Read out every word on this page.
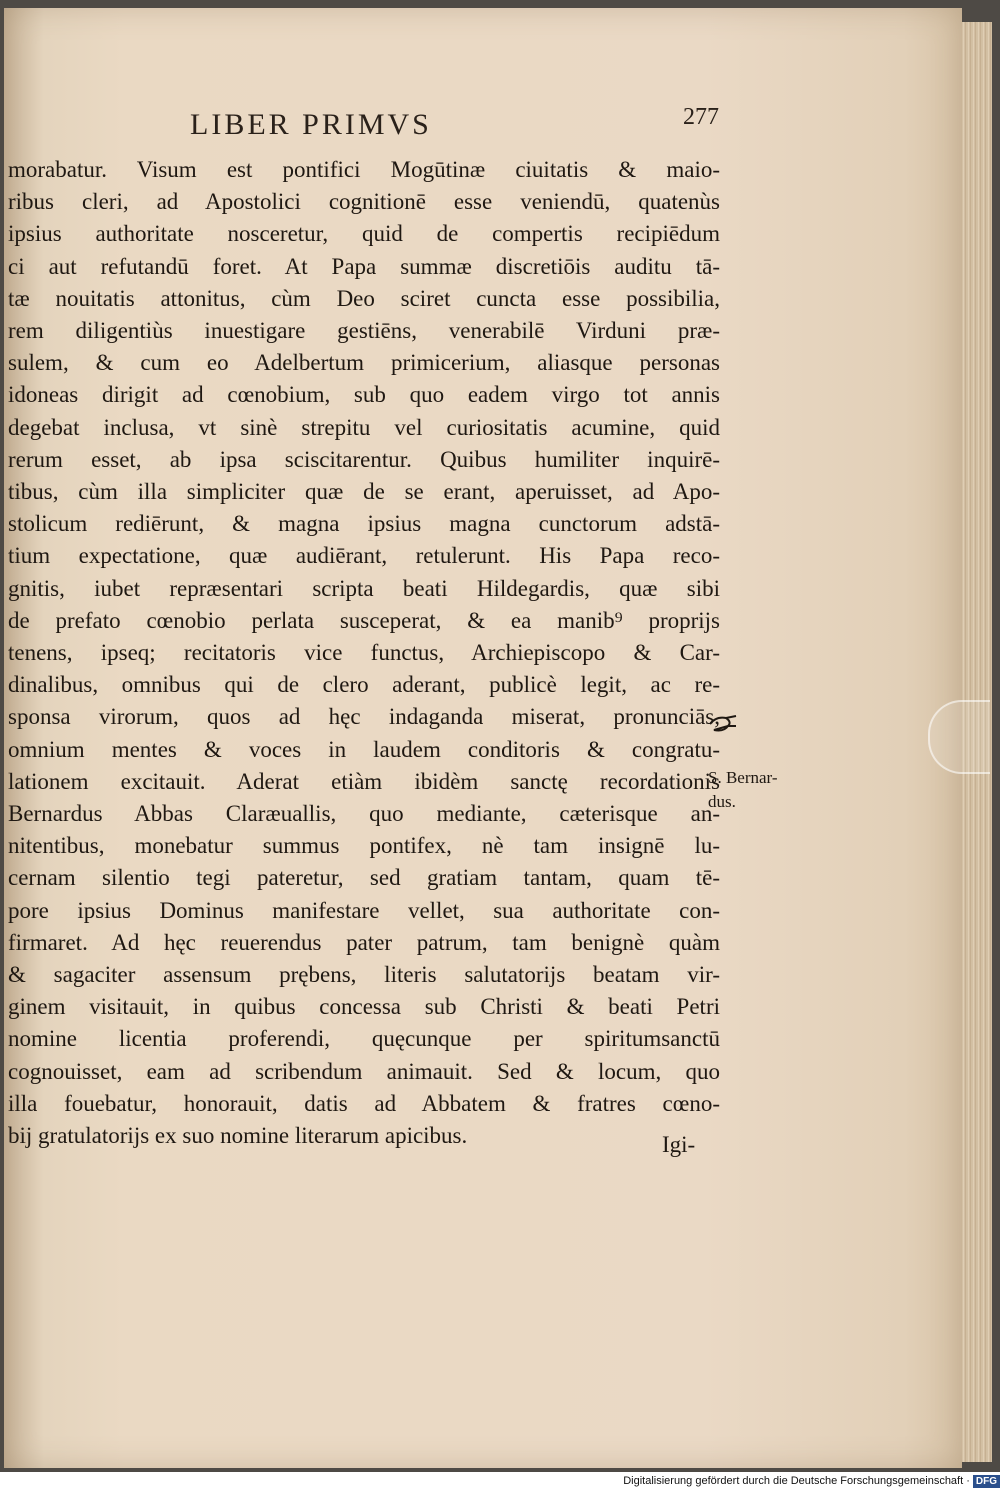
LIBER PRIMVS	277
morabatur. Visum est pontifici Mogūtinæ ciuitatis & maio-
ribus cleri, ad Apostolici cognitionē esse veniendū, quatenùs
ipsius authoritate nosceretur, quid de compertis recipiēdum
ci aut refutandū foret. At Papa summæ discretiōis auditu tā-
tæ nouitatis attonitus, cùm Deo sciret cuncta esse possibilia,
rem diligentiùs inuestigare gestiēns, venerabilē Virduni præ-
sulem, & cum eo Adelbertum primicerium, aliasque personas
idoneas dirigit ad cœnobium, sub quo eadem virgo tot annis
degebat inclusa, vt sinè strepitu vel curiositatis acumine, quid
rerum esset, ab ipsa sciscitarentur. Quibus humiliter inquirē-
tibus, cùm illa simpliciter quæ de se erant, aperuisset, ad Apo-
stolicum rediērunt, & magna ipsius magna cunctorum adstā-
tium expectatione, quæ audiērant, retulerunt. His Papa reco-
gnitis, iubet repræsentari scripta beati Hildegardis, quæ sibi
de prefato cœnobio perlata susceperat, & ea manib⁹ proprijs
tenens, ipseq; recitatoris vice functus, Archiepiscopo & Car-
dinalibus, omnibus qui de clero aderant, publicè legit, ac re-
sponsa virorum, quos ad hęc indaganda miserat, pronunciās,
omnium mentes & voces in laudem conditoris & congratu-
lationem excitauit. Aderat etiàm ibidèm sanctę recordationis
Bernardus Abbas Claræuallis, quo mediante, cæterisque an-
nitentibus, monebatur summus pontifex, nè tam insignē lu-
cernam silentio tegi pateretur, sed gratiam tantam, quam tē-
pore ipsius Dominus manifestare vellet, sua authoritate con-
firmaret. Ad hęc reuerendus pater patrum, tam benignè quàm
& sagaciter assensum prębens, literis salutatorijs beatam vir-
ginem visitauit, in quibus concessa sub Christi & beati Petri
nomine licentia proferendi, quęcunque per spiritumsanctū
cognouisset, eam ad scribendum animauit. Sed & locum, quo
illa fouebatur, honorauit, datis ad Abbatem & fratres cœno-
bij gratulatorijs ex suo nomine literarum apicibus.
S. Bernar-
dus.
Igi-
Digitalisierung gefördert durch die Deutsche Forschungsgemeinschaft · DFG
